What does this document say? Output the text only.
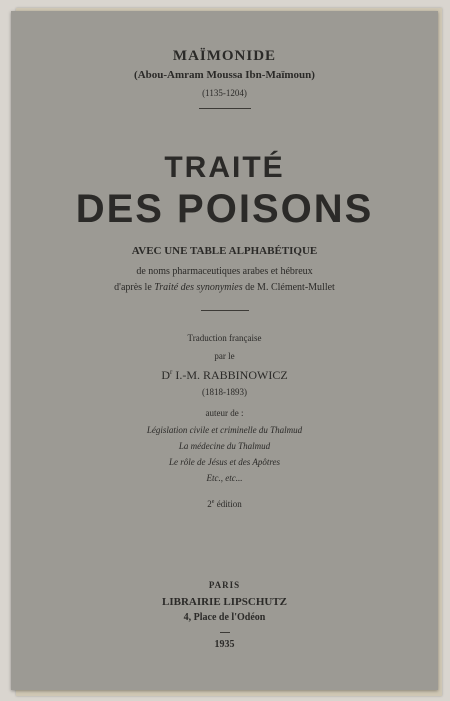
MAÏMONIDE
(Abou-Amram Moussa Ibn-Maïmoun)
(1135-1204)
TRAITÉ
DES POISONS
AVEC UNE TABLE ALPHABÉTIQUE
de noms pharmaceutiques arabes et hébreux
d'après le Traité des synonymies de M. Clément-Mullet
Traduction française
par le
$D^r$ I.-M. RABBINOWICZ
(1818-1893)
auteur de :
Législation civile et criminelle du Thalmud
La médecine du Thalmud
Le rôle de Jésus et des Apôtres
Etc., etc...
2e édition
PARIS
LIBRAIRIE LIPSCHUTZ
4, Place de l'Odéon
1935
